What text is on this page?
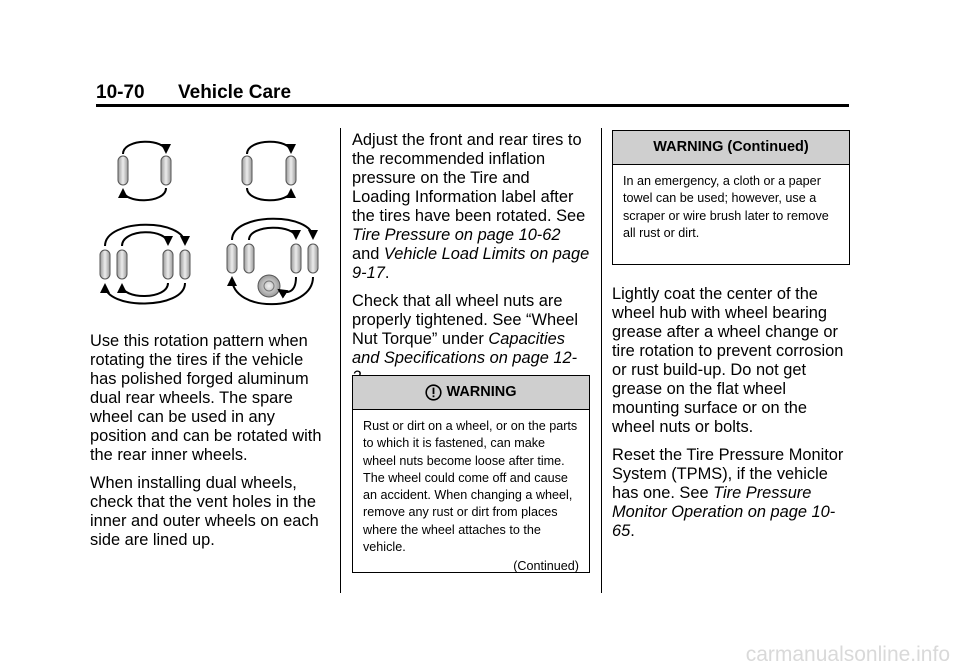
10-70 Vehicle Care

Use this rotation pattern when rotating the tires if the vehicle has polished forged aluminum dual rear wheels. The spare wheel can be used in any position and can be rotated with the rear inner wheels.

When installing dual wheels, check that the vent holes in the inner and outer wheels on each side are lined up.

Adjust the front and rear tires to the recommended inflation pressure on the Tire and Loading Information label after the tires have been rotated. See Tire Pressure on page 10-62 and Vehicle Load Limits on page 9-17.

Check that all wheel nuts are properly tightened. See “Wheel Nut Torque” under Capacities and Specifications on page 12-

WARNING
Rust or dirt on a wheel, or on the parts to which it is fastened, can make wheel nuts become loose after time. The wheel could come off and cause an accident. When changing a wheel, remove any rust or dirt from places where the wheel attaches to the vehicle.
(Continued)
WARNING (Continued)
In an emergency, a cloth or a paper towel can be used; however, use a scraper or wire brush later to remove all rust or dirt.

Lightly coat the center of the wheel hub with wheel bearing grease after a wheel change or tire rotation to prevent corrosion or rust build-up. Do not get grease on the flat wheel mounting surface or on the wheel nuts or bolts.

Reset the Tire Pressure Monitor System (TPMS), if the vehicle has one. See Tire Pressure Monitor Operation on page 10-65.

carmanualsonline.info
